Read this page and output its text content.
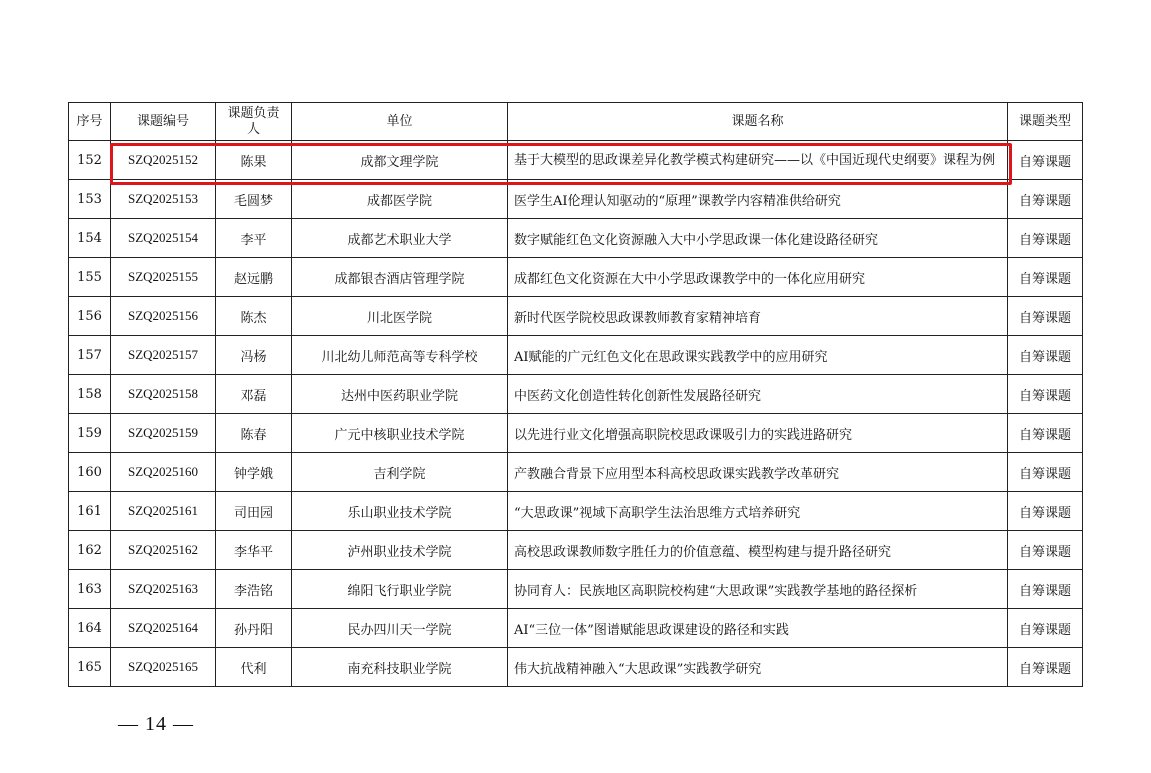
序号	课题编号	课题负责人	单位	课题名称	课题类型
152	SZQ2025152	陈果	成都文理学院	基于大模型的思政课差异化教学模式构建研究——以《中国近现代史纲要》课程为例	自筹课题
153	SZQ2025153	毛圆梦	成都医学院	医学生AI伦理认知驱动的“原理”课教学内容精准供给研究	自筹课题
154	SZQ2025154	李平	成都艺术职业大学	数字赋能红色文化资源融入大中小学思政课一体化建设路径研究	自筹课题
155	SZQ2025155	赵远鹏	成都银杏酒店管理学院	成都红色文化资源在大中小学思政课教学中的一体化应用研究	自筹课题
156	SZQ2025156	陈杰	川北医学院	新时代医学院校思政课教师教育家精神培育	自筹课题
157	SZQ2025157	冯杨	川北幼儿师范高等专科学校	AI赋能的广元红色文化在思政课实践教学中的应用研究	自筹课题
158	SZQ2025158	邓磊	达州中医药职业学院	中医药文化创造性转化创新性发展路径研究	自筹课题
159	SZQ2025159	陈春	广元中核职业技术学院	以先进行业文化增强高职院校思政课吸引力的实践进路研究	自筹课题
160	SZQ2025160	钟学娥	吉利学院	产教融合背景下应用型本科高校思政课实践教学改革研究	自筹课题
161	SZQ2025161	司田园	乐山职业技术学院	“大思政课”视域下高职学生法治思维方式培养研究	自筹课题
162	SZQ2025162	李华平	泸州职业技术学院	高校思政课教师数字胜任力的价值意蕴、模型构建与提升路径研究	自筹课题
163	SZQ2025163	李浩铭	绵阳飞行职业学院	协同育人：民族地区高职院校构建“大思政课”实践教学基地的路径探析	自筹课题
164	SZQ2025164	孙丹阳	民办四川天一学院	AI“三位一体”图谱赋能思政课建设的路径和实践	自筹课题
165	SZQ2025165	代利	南充科技职业学院	伟大抗战精神融入“大思政课”实践教学研究	自筹课题
— 14 —
